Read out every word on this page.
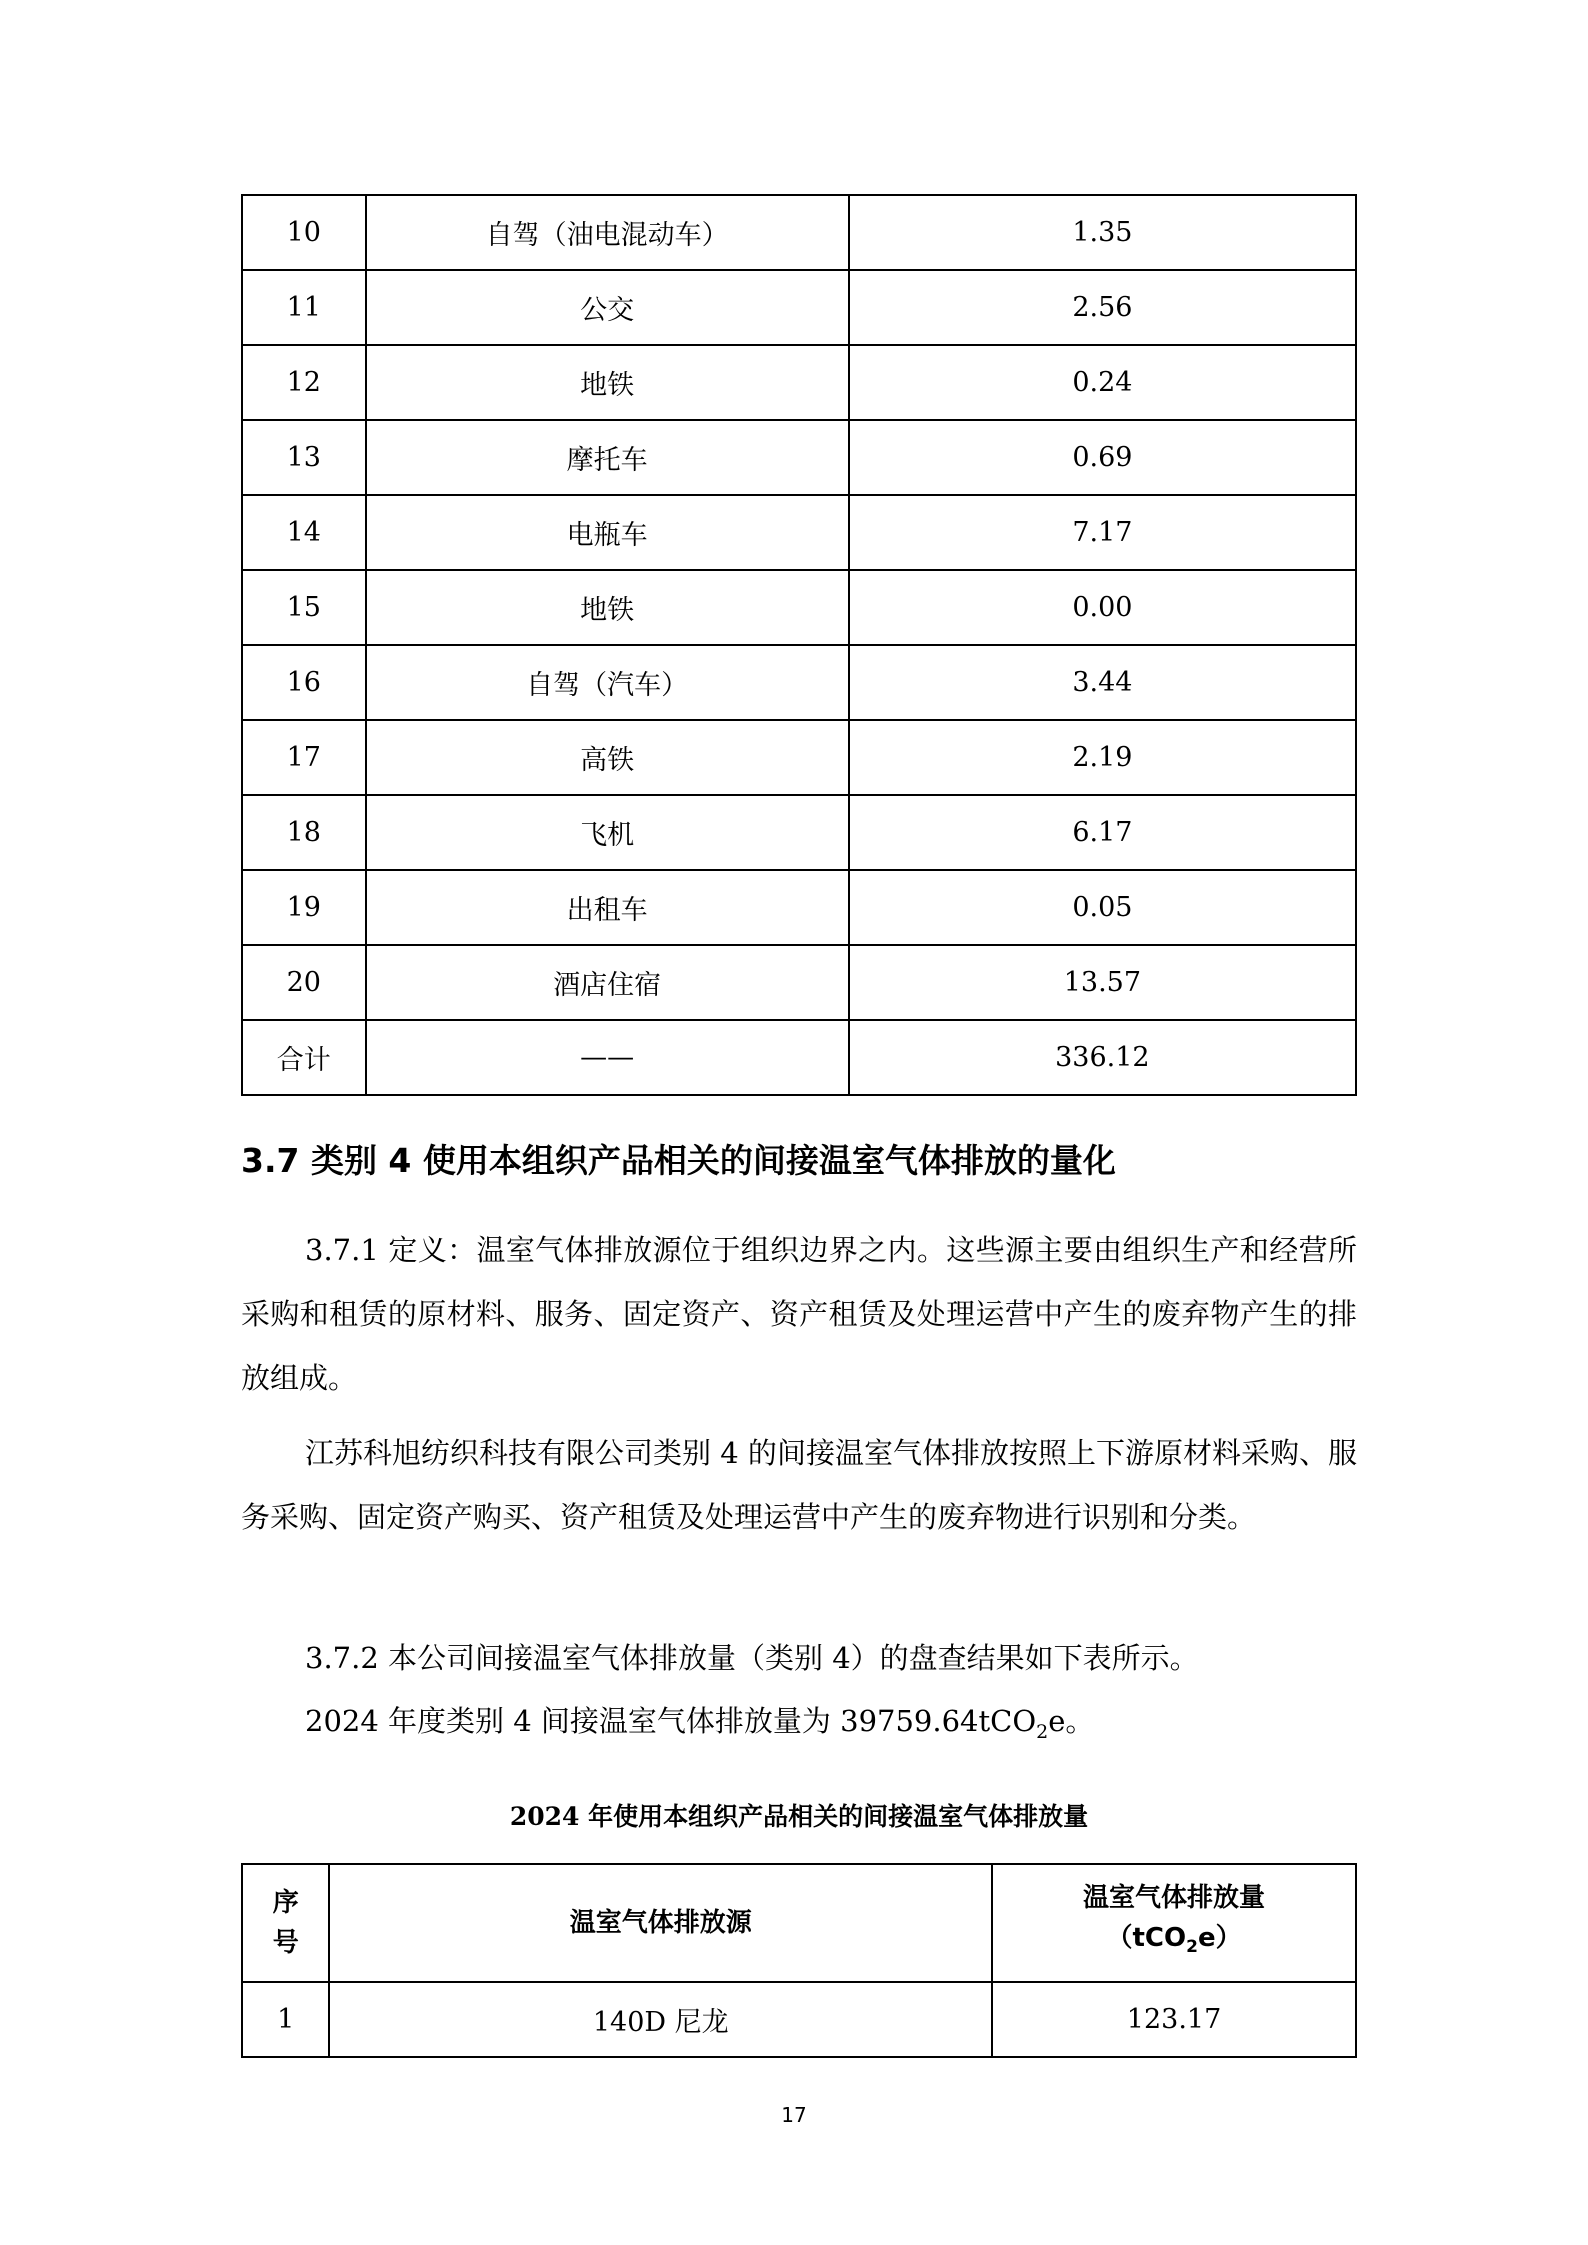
10	自驾（油电混动车）	1.35
11	公交	2.56
12	地铁	0.24
13	摩托车	0.69
14	电瓶车	7.17
15	地铁	0.00
16	自驾（汽车）	3.44
17	高铁	2.19
18	飞机	6.17
19	出租车	0.05
20	酒店住宿	13.57
合计	——	336.12
3.7 类别 4 使用本组织产品相关的间接温室气体排放的量化
3.7.1 定义：温室气体排放源位于组织边界之内。这些源主要由组织生产和经营所采购和租赁的原材料、服务、固定资产、资产租赁及处理运营中产生的废弃物产生的排放组成。
江苏科旭纺织科技有限公司类别 4 的间接温室气体排放按照上下游原材料采购、服务采购、固定资产购买、资产租赁及处理运营中产生的废弃物进行识别和分类。
3.7.2 本公司间接温室气体排放量（类别 4）的盘查结果如下表所示。
2024 年度类别 4 间接温室气体排放量为 39759.64tCO$_2$e。
2024 年使用本组织产品相关的间接温室气体排放量
序
号	温室气体排放源	温室气体排放量
（tCO$_2$e）
1	140D 尼龙	123.17
17
